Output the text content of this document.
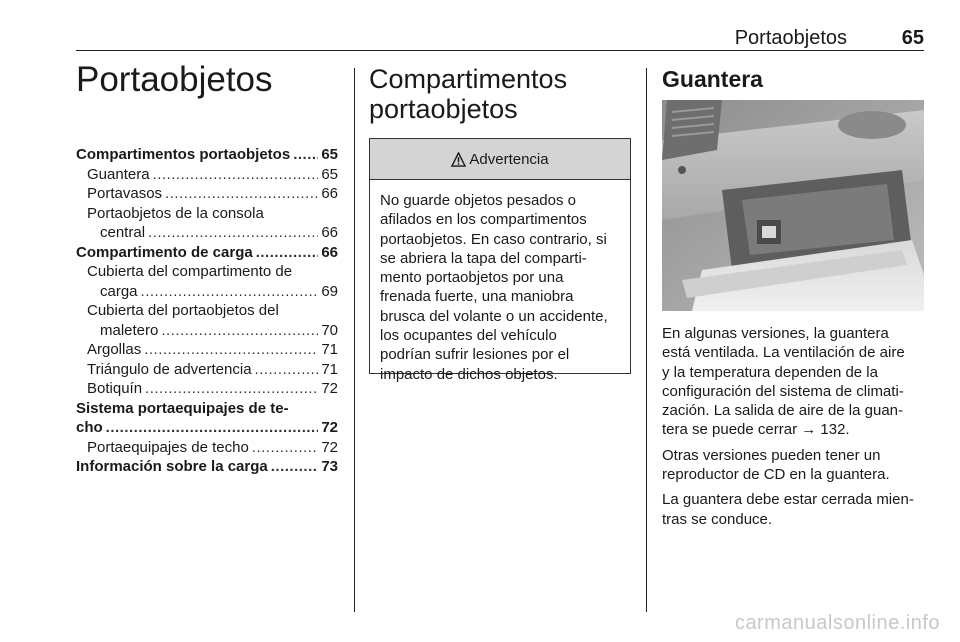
Portaobjetos	65
Portaobjetos
Compartimentos portaobjetos ..... 65
Guantera .....	65
Portavasos .....	66
Portaobjetos de la consola
central .....	66
Compartimento de carga .....	66
Cubierta del compartimento de
carga .....	69
Cubierta del portaobjetos del
maletero .....	70
Argollas .....	71
Triángulo de advertencia .....	71
Botiquín .....	72
Sistema portaequipajes de te-
cho .....	72
Portaequipajes de techo .....	72
Información sobre la carga .....	73
Compartimentos
portaobjetos
Advertencia
No guarde objetos pesados o
afilados en los compartimentos
portaobjetos. En caso contrario, si
se abriera la tapa del comparti-
mento portaobjetos por una
frenada fuerte, una maniobra
brusca del volante o un accidente,
los ocupantes del vehículo
podrían sufrir lesiones por el
impacto de dichos objetos.
Guantera

En algunas versiones, la guantera
está ventilada. La ventilación de aire
y la temperatura dependen de la
configuración del sistema de climati-
zación. La salida de aire de la guan-
tera se puede cerrar → 132.

Otras versiones pueden tener un
reproductor de CD en la guantera.

La guantera debe estar cerrada mien-
tras se conduce.

carmanualsonline.info
